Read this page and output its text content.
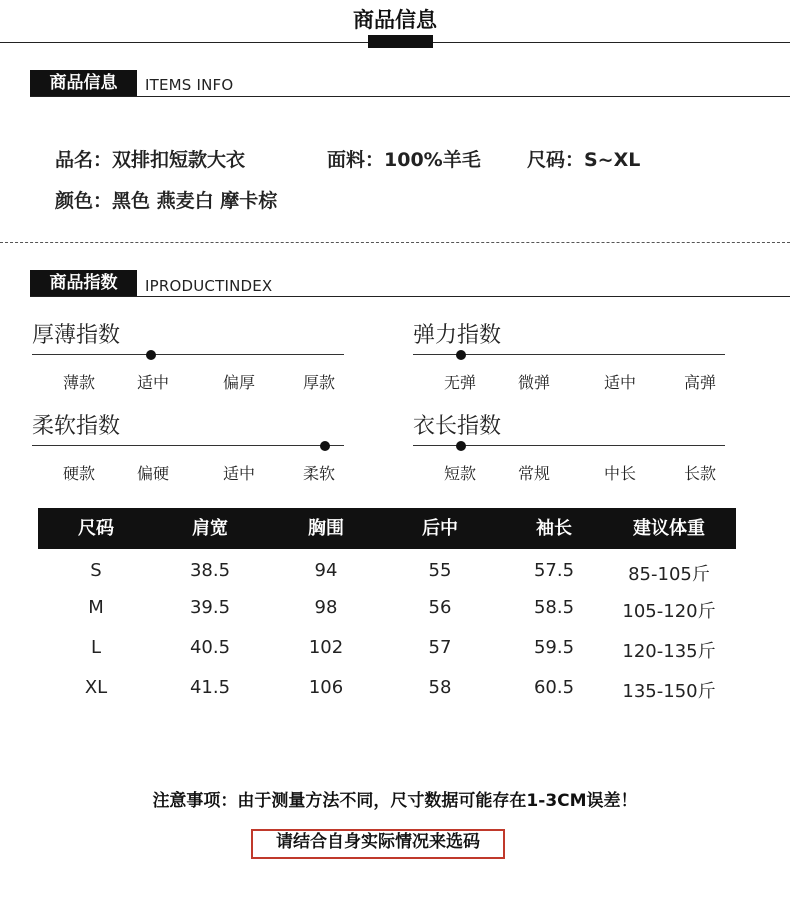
商品信息
商品信息	ITEMS INFO
品名：双排扣短款大衣	面料：100%羊毛 尺码：S~XL
颜色：黑色 燕麦白 摩卡棕
商品指数	IPRODUCTINDEX
厚薄指数
薄款	适中	偏厚	厚款
弹力指数
无弹	微弹	适中	高弹
柔软指数
硬款	偏硬	适中	柔软
衣长指数
短款	常规	中长	长款
尺码	肩宽	胸围	后中	袖长	建议体重
S	38.5	94	55	57.5	85-105斤
M	39.5	98	56	58.5	105-120斤
L	40.5	102	57	59.5	120-135斤
XL	41.5	106	58	60.5	135-150斤
注意事项：由于测量方法不同，尺寸数据可能存在1-3CM误差！
请结合自身实际情况来选码
